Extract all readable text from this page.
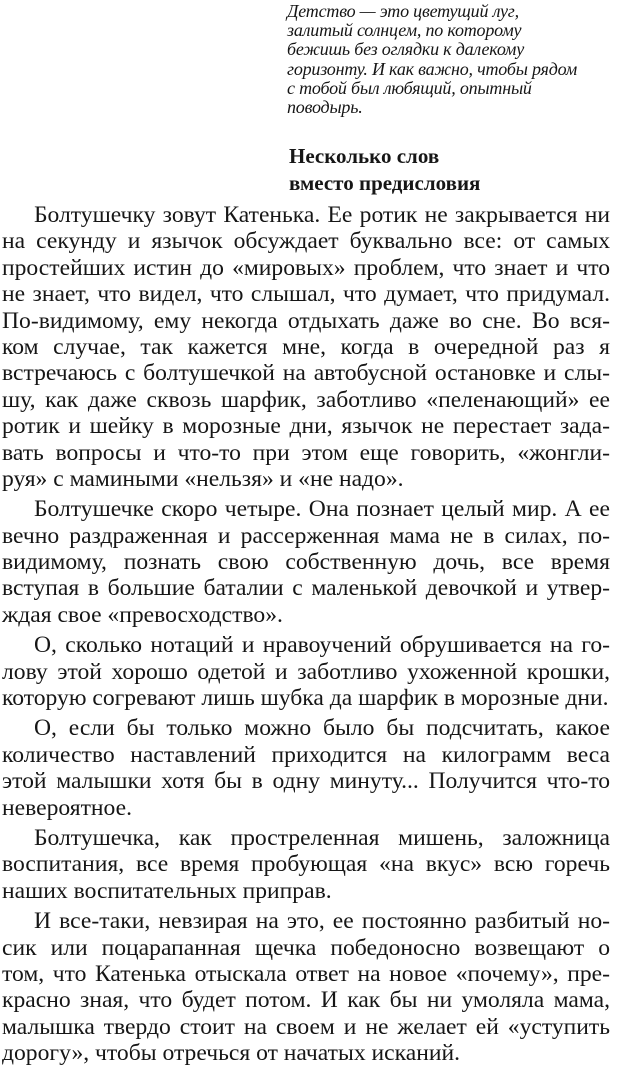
Детство — это цветущий луг,
залитый солнцем, по которому
бежишь без оглядки к далекому
горизонту. И как важно, чтобы рядом
с тобой был любящий, опытный
поводырь.
Несколько слов
вместо предисловия
Болтушечку зовут Катенька. Ее ротик не закрывается ни
на секунду и язычок обсуждает буквально все: от самых
простейших истин до «мировых» проблем, что знает и что
не знает, что видел, что слышал, что думает, что придумал.
По-видимому, ему некогда отдыхать даже во сне. Во вся-
ком случае, так кажется мне, когда в очередной раз я
встречаюсь с болтушечкой на автобусной остановке и слы-
шу, как даже сквозь шарфик, заботливо «пеленающий» ее
ротик и шейку в морозные дни, язычок не перестает зада-
вать вопросы и что-то при этом еще говорить, «жонгли-
руя» с мамиными «нельзя» и «не надо».
Болтушечке скоро четыре. Она познает целый мир. А ее
вечно раздраженная и рассерженная мама не в силах, по-
видимому, познать свою собственную дочь, все время
вступая в большие баталии с маленькой девочкой и утвер-
ждая свое «превосходство».
О, сколько нотаций и нравоучений обрушивается на го-
лову этой хорошо одетой и заботливо ухоженной крошки,
которую согревают лишь шубка да шарфик в морозные дни.
О, если бы только можно было бы подсчитать, какое
количество наставлений приходится на килограмм веса
этой малышки хотя бы в одну минуту... Получится что-то
невероятное.
Болтушечка, как простреленная мишень, заложница
воспитания, все время пробующая «на вкус» всю горечь
наших воспитательных приправ.
И все-таки, невзирая на это, ее постоянно разбитый но-
сик или поцарапанная щечка победоносно возвещают о
том, что Катенька отыскала ответ на новое «почему», пре-
красно зная, что будет потом. И как бы ни умоляла мама,
малышка твердо стоит на своем и не желает ей «уступить
дорогу», чтобы отречься от начатых исканий.
